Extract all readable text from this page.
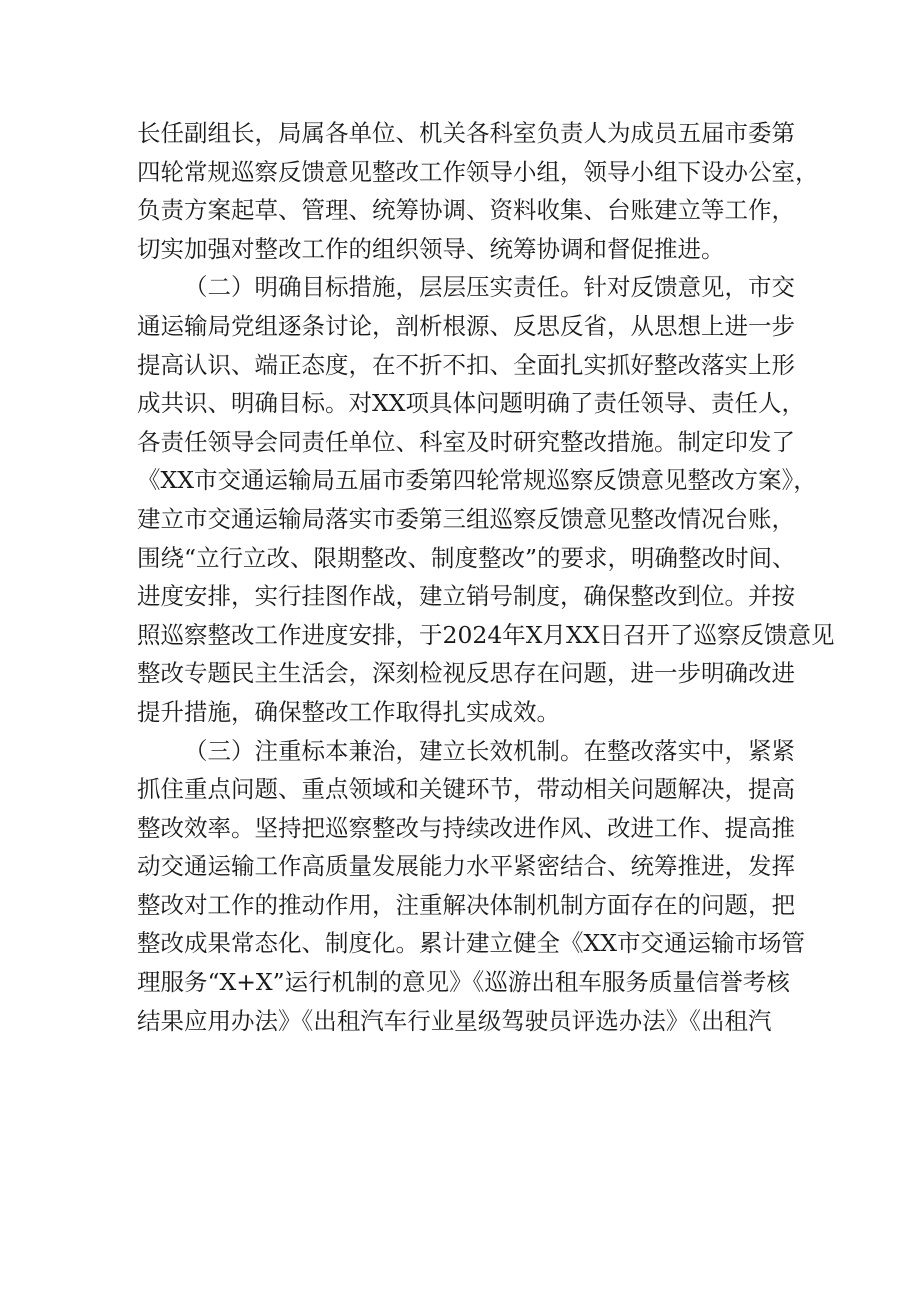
长任副组长，局属各单位、机关各科室负责人为成员五届市委第
四轮常规巡察反馈意见整改工作领导小组，领导小组下设办公室，
负责方案起草、管理、统筹协调、资料收集、台账建立等工作，
切实加强对整改工作的组织领导、统筹协调和督促推进。
（二）明确目标措施，层层压实责任。针对反馈意见，市交
通运输局党组逐条讨论，剖析根源、反思反省，从思想上进一步
提高认识、端正态度，在不折不扣、全面扎实抓好整改落实上形
成共识、明确目标。对XX项具体问题明确了责任领导、责任人，
各责任领导会同责任单位、科室及时研究整改措施。制定印发了
《XX市交通运输局五届市委第四轮常规巡察反馈意见整改方案》，
建立市交通运输局落实市委第三组巡察反馈意见整改情况台账，
围绕“立行立改、限期整改、制度整改”的要求，明确整改时间、
进度安排，实行挂图作战，建立销号制度，确保整改到位。并按
照巡察整改工作进度安排，于2024年X月XX日召开了巡察反馈意见
整改专题民主生活会，深刻检视反思存在问题，进一步明确改进
提升措施，确保整改工作取得扎实成效。
（三）注重标本兼治，建立长效机制。在整改落实中，紧紧
抓住重点问题、重点领域和关键环节，带动相关问题解决，提高
整改效率。坚持把巡察整改与持续改进作风、改进工作、提高推
动交通运输工作高质量发展能力水平紧密结合、统筹推进，发挥
整改对工作的推动作用，注重解决体制机制方面存在的问题，把
整改成果常态化、制度化。累计建立健全《XX市交通运输市场管
理服务“X+X”运行机制的意见》《巡游出租车服务质量信誉考核
结果应用办法》《出租汽车行业星级驾驶员评选办法》《出租汽
